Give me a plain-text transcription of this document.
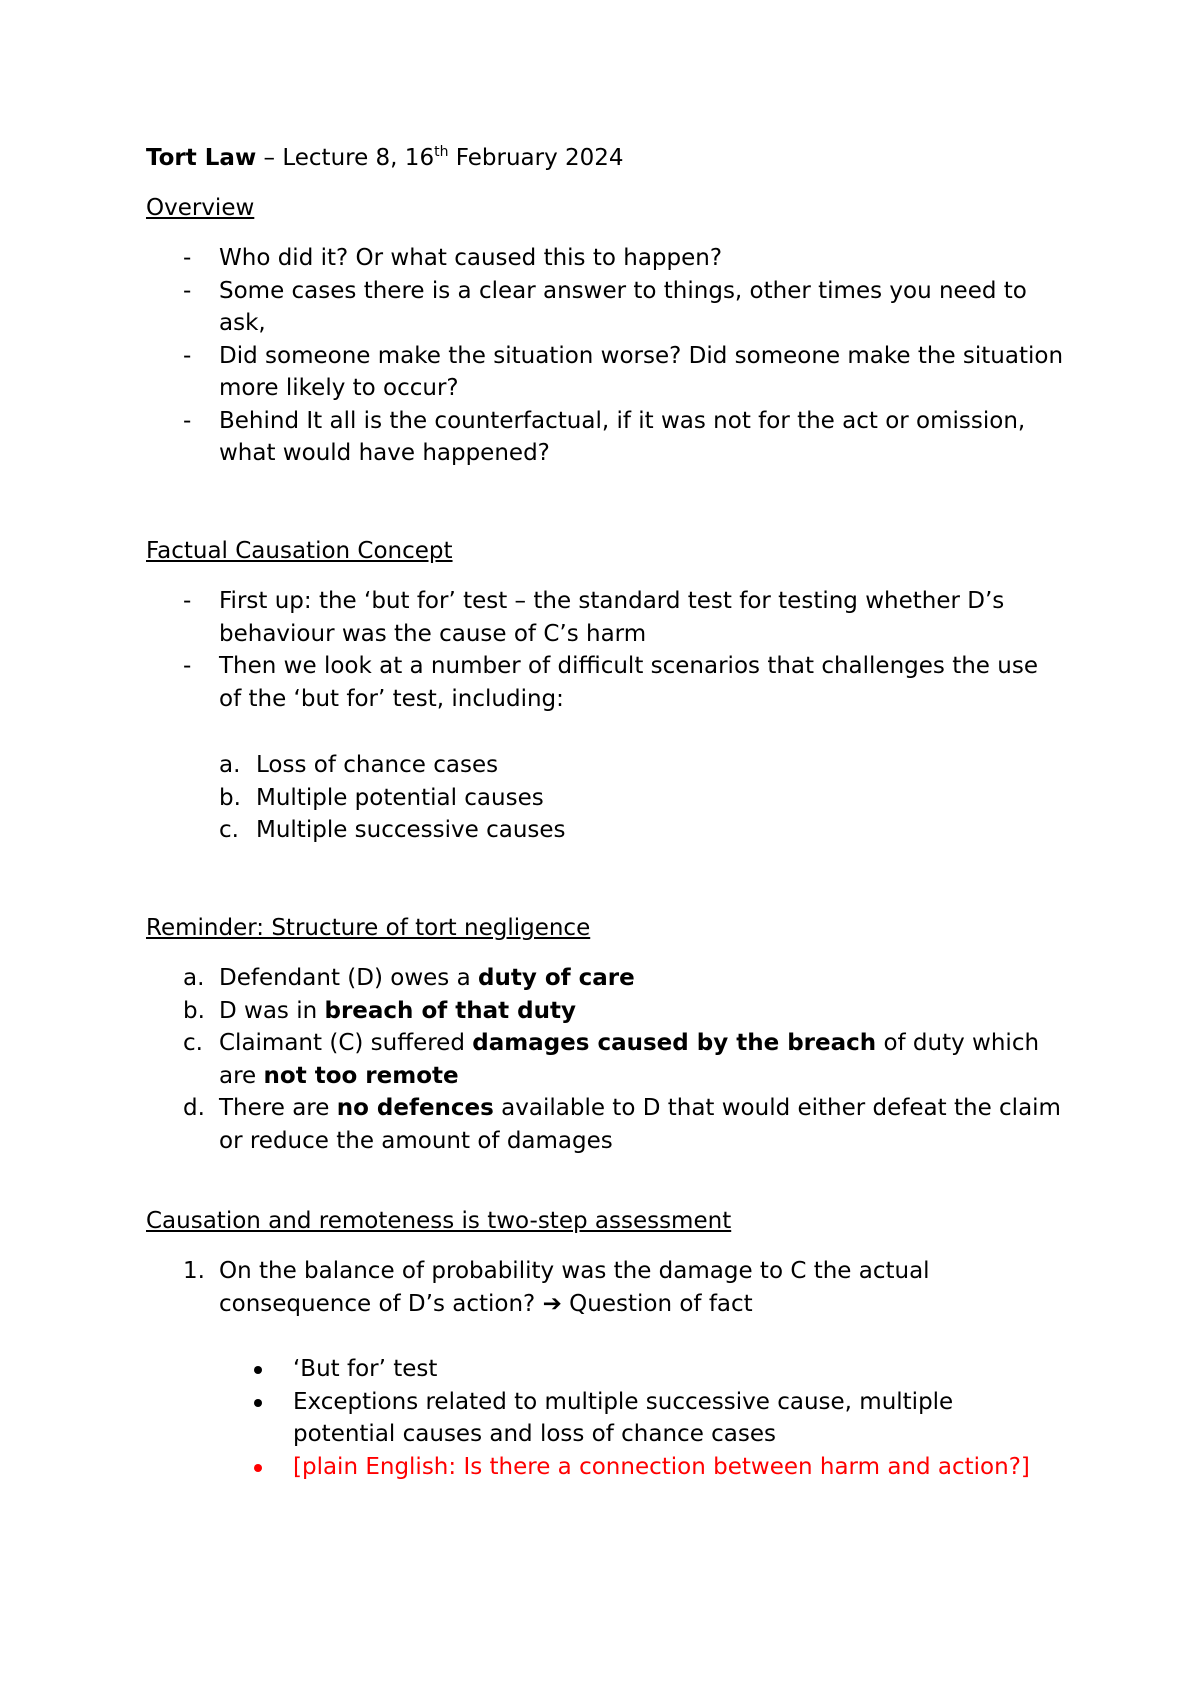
Tort Law – Lecture 8, 16th February 2024

Overview

- Who did it? Or what caused this to happen?
- Some cases there is a clear answer to things, other times you need to ask,
- Did someone make the situation worse? Did someone make the situation more likely to occur?
- Behind It all is the counterfactual, if it was not for the act or omission, what would have happened?

Factual Causation Concept

- First up: the ‘but for’ test – the standard test for testing whether D’s behaviour was the cause of C’s harm
- Then we look at a number of difficult scenarios that challenges the use of the ‘but for’ test, including:
a. Loss of chance cases
b. Multiple potential causes
c. Multiple successive causes

Reminder: Structure of tort negligence

a. Defendant (D) owes a duty of care
b. D was in breach of that duty
c. Claimant (C) suffered damages caused by the breach of duty which are not too remote
d. There are no defences available to D that would either defeat the claim or reduce the amount of damages

Causation and remoteness is two-step assessment

1. On the balance of probability was the damage to C the actual consequence of D’s action? ➔ Question of fact
‘But for’ test
Exceptions related to multiple successive cause, multiple potential causes and loss of chance cases
[plain English: Is there a connection between harm and action?]
